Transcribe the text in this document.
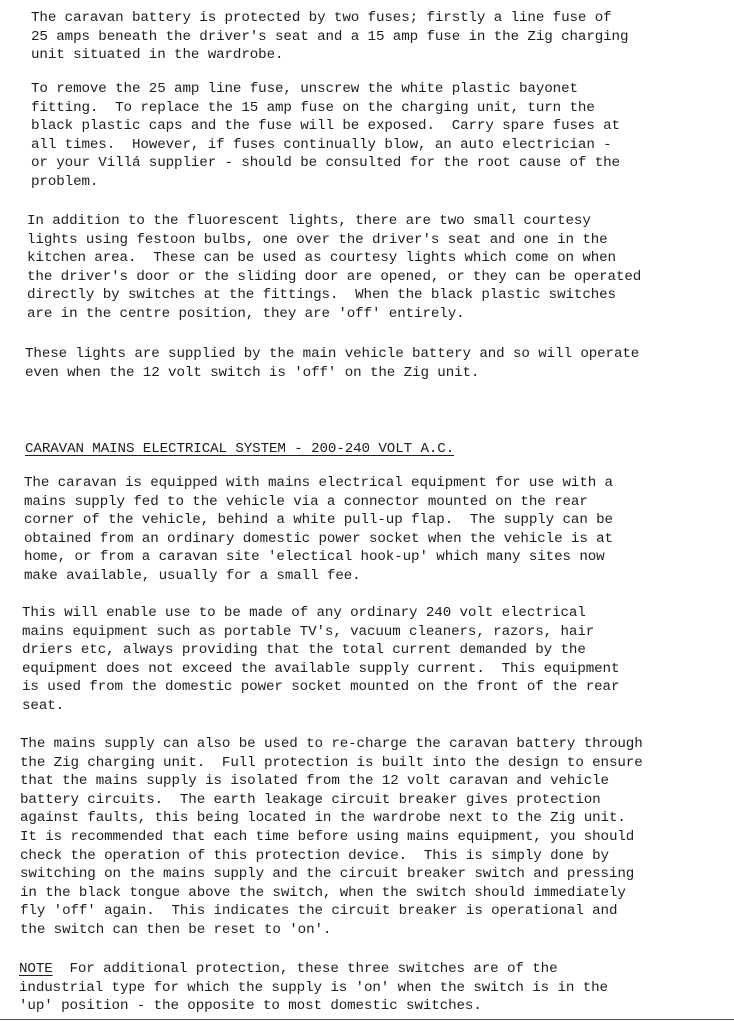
The caravan battery is protected by two fuses; firstly a line fuse of
25 amps beneath the driver's seat and a 15 amp fuse in the Zig charging
unit situated in the wardrobe.

To remove the 25 amp line fuse, unscrew the white plastic bayonet
fitting.  To replace the 15 amp fuse on the charging unit, turn the
black plastic caps and the fuse will be exposed.  Carry spare fuses at
all times.  However, if fuses continually blow, an auto electrician -
or your Villá supplier - should be consulted for the root cause of the
problem.

In addition to the fluorescent lights, there are two small courtesy
lights using festoon bulbs, one over the driver's seat and one in the
kitchen area.  These can be used as courtesy lights which come on when
the driver's door or the sliding door are opened, or they can be operated
directly by switches at the fittings.  When the black plastic switches
are in the centre position, they are 'off' entirely.

These lights are supplied by the main vehicle battery and so will operate
even when the 12 volt switch is 'off' on the Zig unit.

CARAVAN MAINS ELECTRICAL SYSTEM - 200-240 VOLT A.C.

The caravan is equipped with mains electrical equipment for use with a
mains supply fed to the vehicle via a connector mounted on the rear
corner of the vehicle, behind a white pull-up flap.  The supply can be
obtained from an ordinary domestic power socket when the vehicle is at
home, or from a caravan site 'electical hook-up' which many sites now
make available, usually for a small fee.

This will enable use to be made of any ordinary 240 volt electrical
mains equipment such as portable TV's, vacuum cleaners, razors, hair
driers etc, always providing that the total current demanded by the
equipment does not exceed the available supply current.  This equipment
is used from the domestic power socket mounted on the front of the rear
seat.

The mains supply can also be used to re-charge the caravan battery through
the Zig charging unit.  Full protection is built into the design to ensure
that the mains supply is isolated from the 12 volt caravan and vehicle
battery circuits.  The earth leakage circuit breaker gives protection
against faults, this being located in the wardrobe next to the Zig unit.
It is recommended that each time before using mains equipment, you should
check the operation of this protection device.  This is simply done by
switching on the mains supply and the circuit breaker switch and pressing
in the black tongue above the switch, when the switch should immediately
fly 'off' again.  This indicates the circuit breaker is operational and
the switch can then be reset to 'on'.

NOTE  For additional protection, these three switches are of the
industrial type for which the supply is 'on' when the switch is in the
'up' position - the opposite to most domestic switches.
